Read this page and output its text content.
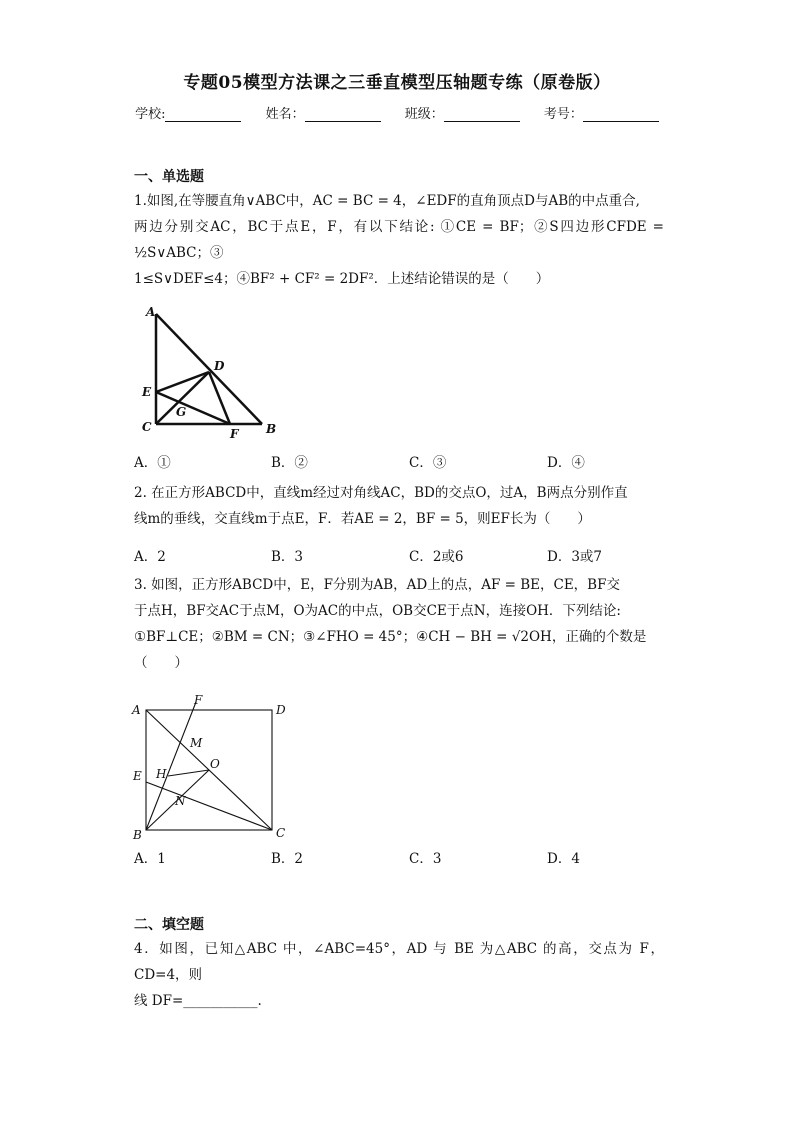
专题05模型方法课之三垂直模型压轴题专练（原卷版）
学校:	姓名：	班级：	考号：
一、单选题
1.如图,在等腰直角∨ABC中，AC = BC = 4，∠EDF的直角顶点D与AB的中点重合,
两边分别交AC，BC于点E，F，有以下结论: ①CE = BF；②S四边形CFDE = ½S∨ABC；③
1≤S∨DEF≤4；④BF² + CF² = 2DF²．上述结论错误的是（　　）
A
D
E
G
C	F B
A．①	B．②	C．③	D．④
2. 在正方形ABCD中，直线m经过对角线AC，BD的交点O，过A，B两点分别作直
线m的垂线，交直线m于点E，F．若AE = 2，BF = 5，则EF长为（　　）
A．2	B．3	C．2或6	D．3或7
3. 如图，正方形ABCD中，E，F分别为AB，AD上的点，AF = BE，CE，BF交
于点H，BF交AC于点M，O为AC的中点，OB交CE于点N，连接OH．下列结论:
①BF⊥CE；②BM = CN；③∠FHO = 45°；④CH − BH = √2OH，正确的个数是
（　　）
A
F
D
M
O
E H
N
B	C
A．1	B．2	C．3	D．4
二、填空题
4．如图，已知△ABC 中，∠ABC=45°，AD 与 BE 为△ABC 的高，交点为 F，CD=4，则
线 DF=___________.
